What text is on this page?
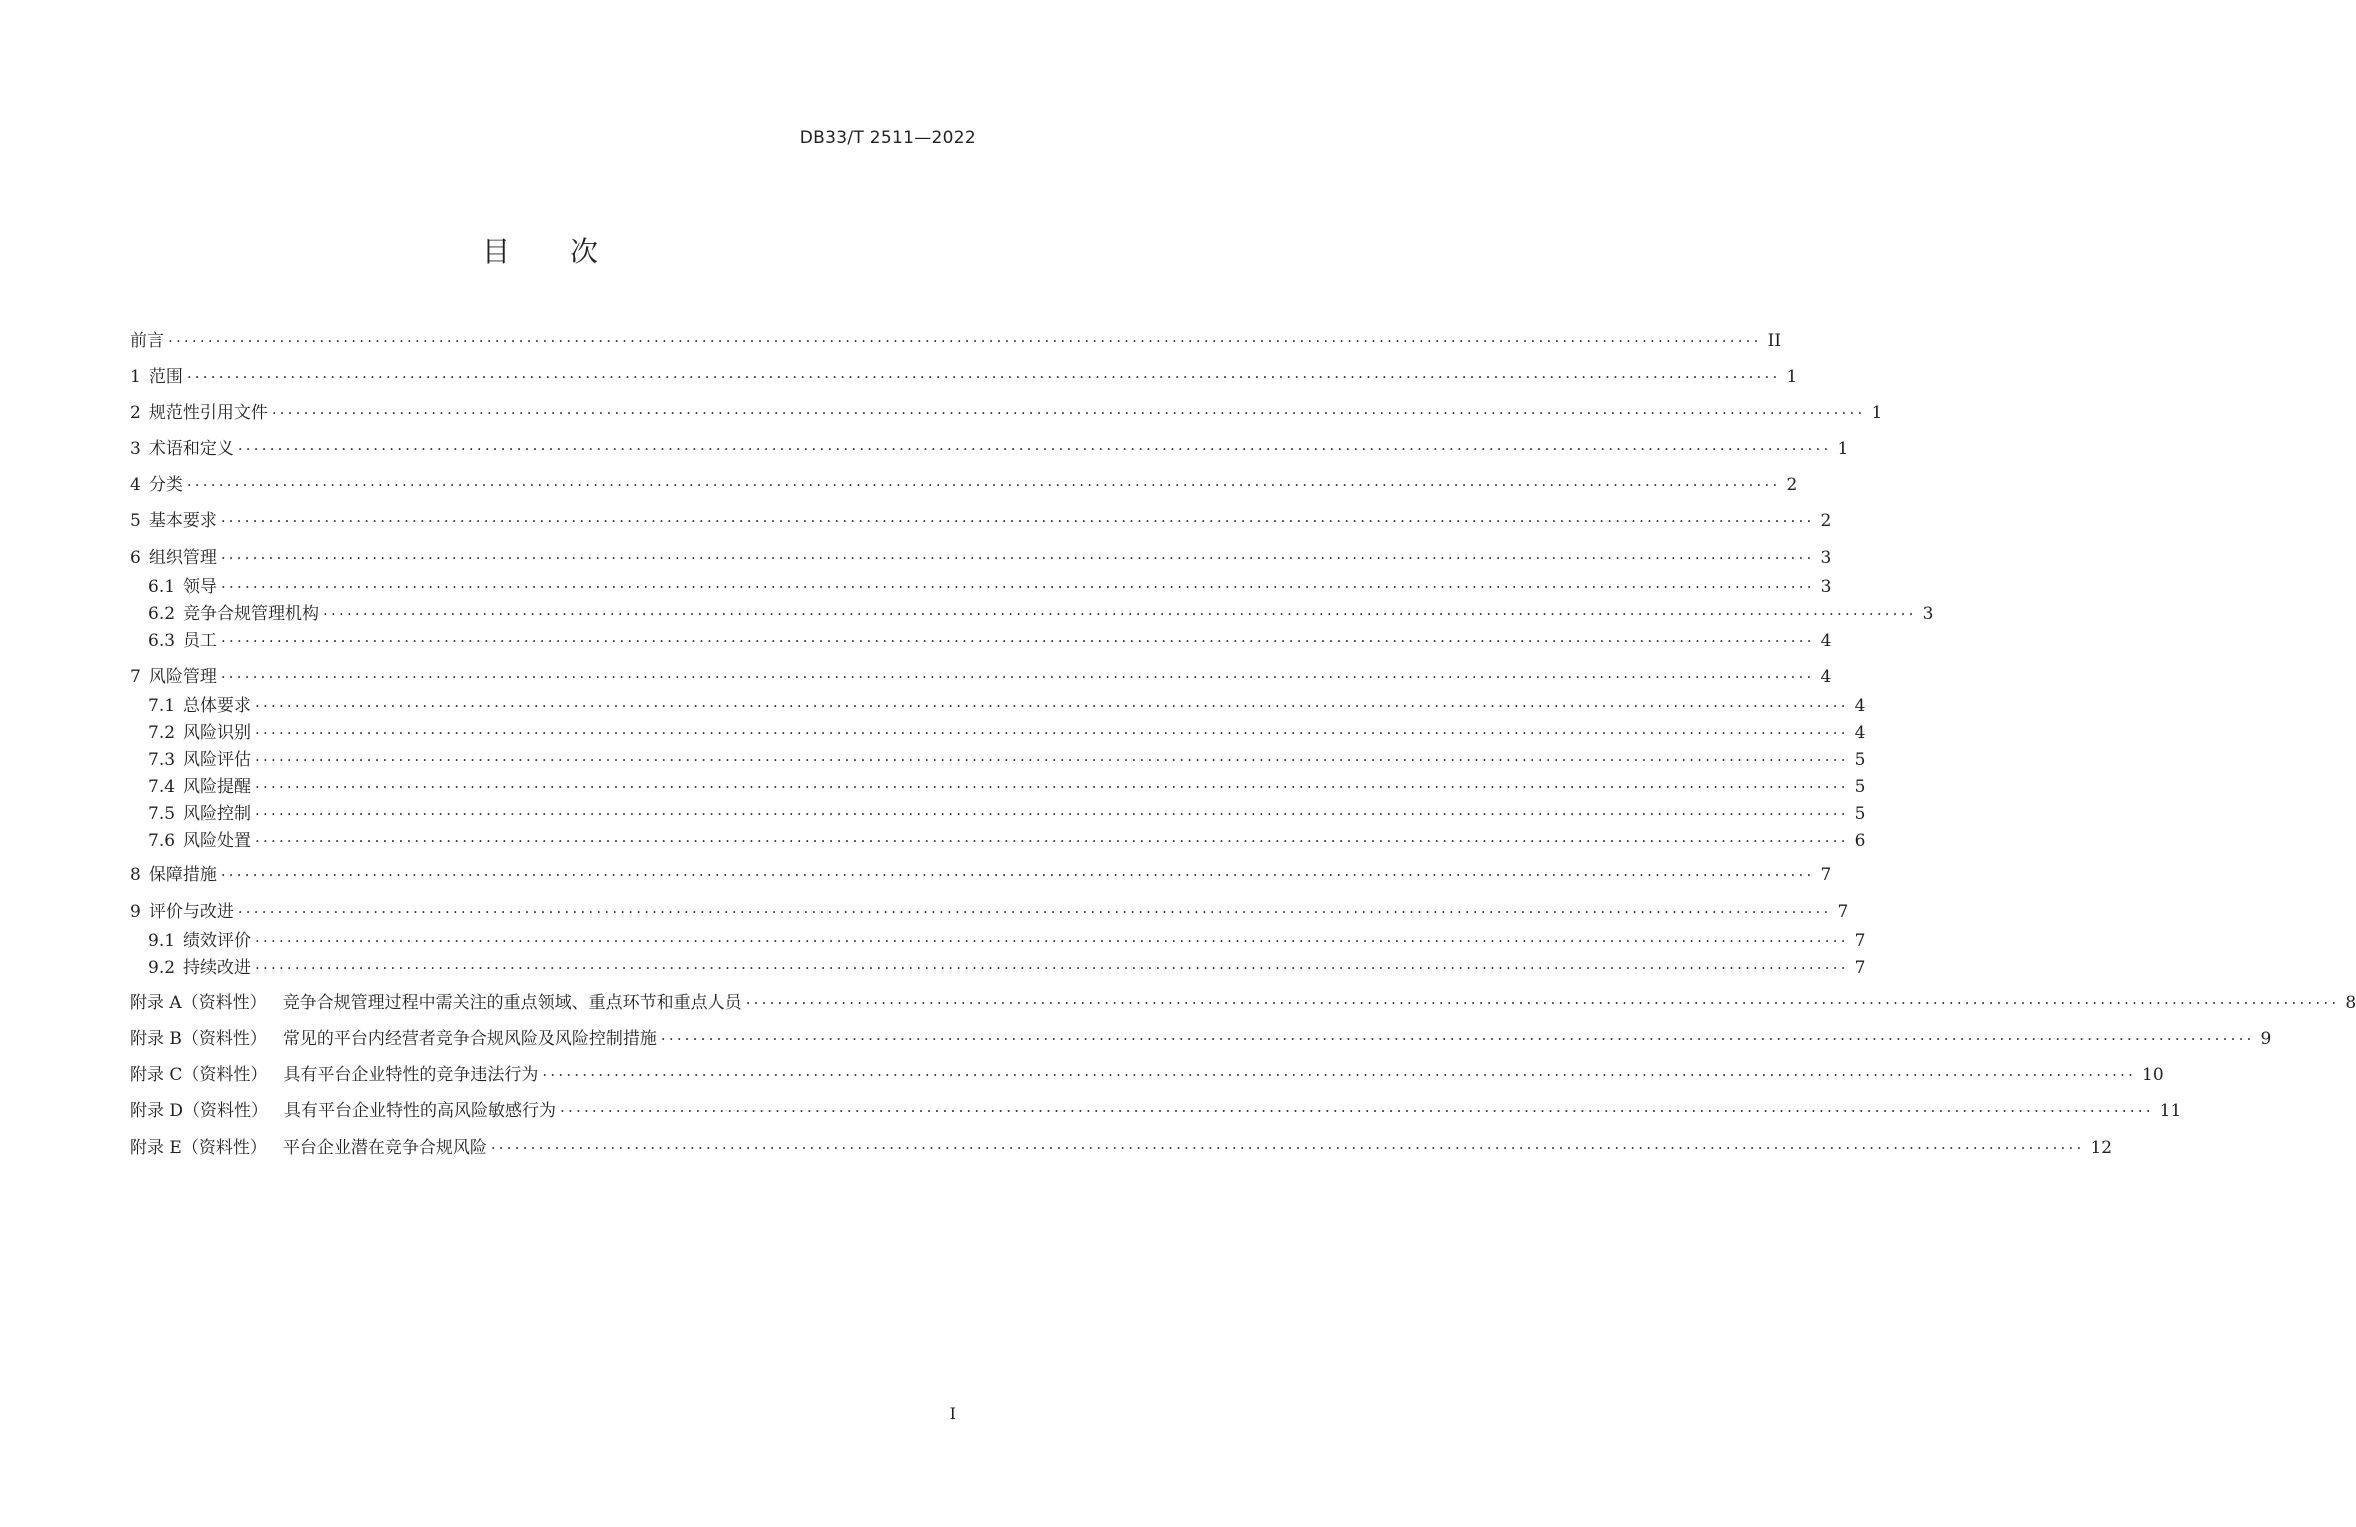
DB33/T 2511—2022
目 次
前言 ········································································································································································································ II
1 范围 ········································································································································································································ 1
2 规范性引用文件 ········································································································································································································ 1
3 术语和定义 ········································································································································································································ 1
4 分类 ········································································································································································································ 2
5 基本要求 ········································································································································································································ 2
6 组织管理 ········································································································································································································ 3
6.1 领导 ········································································································································································································ 3
6.2 竞争合规管理机构 ········································································································································································································ 3
6.3 员工 ········································································································································································································ 4
7 风险管理 ········································································································································································································ 4
7.1 总体要求 ········································································································································································································ 4
7.2 风险识别 ········································································································································································································ 4
7.3 风险评估 ········································································································································································································ 5
7.4 风险提醒 ········································································································································································································ 5
7.5 风险控制 ········································································································································································································ 5
7.6 风险处置 ········································································································································································································ 6
8 保障措施 ········································································································································································································ 7
9 评价与改进 ········································································································································································································ 7
9.1 绩效评价 ········································································································································································································ 7
9.2 持续改进 ········································································································································································································ 7
附录 A（资料性） 竞争合规管理过程中需关注的重点领域、重点环节和重点人员 ········································································································································································································ 8
附录 B（资料性） 常见的平台内经营者竞争合规风险及风险控制措施 ········································································································································································································ 9
附录 C（资料性） 具有平台企业特性的竞争违法行为 ········································································································································································································ 10
附录 D（资料性） 具有平台企业特性的高风险敏感行为 ········································································································································································································ 11
附录 E（资料性） 平台企业潜在竞争合规风险 ········································································································································································································ 12
I
